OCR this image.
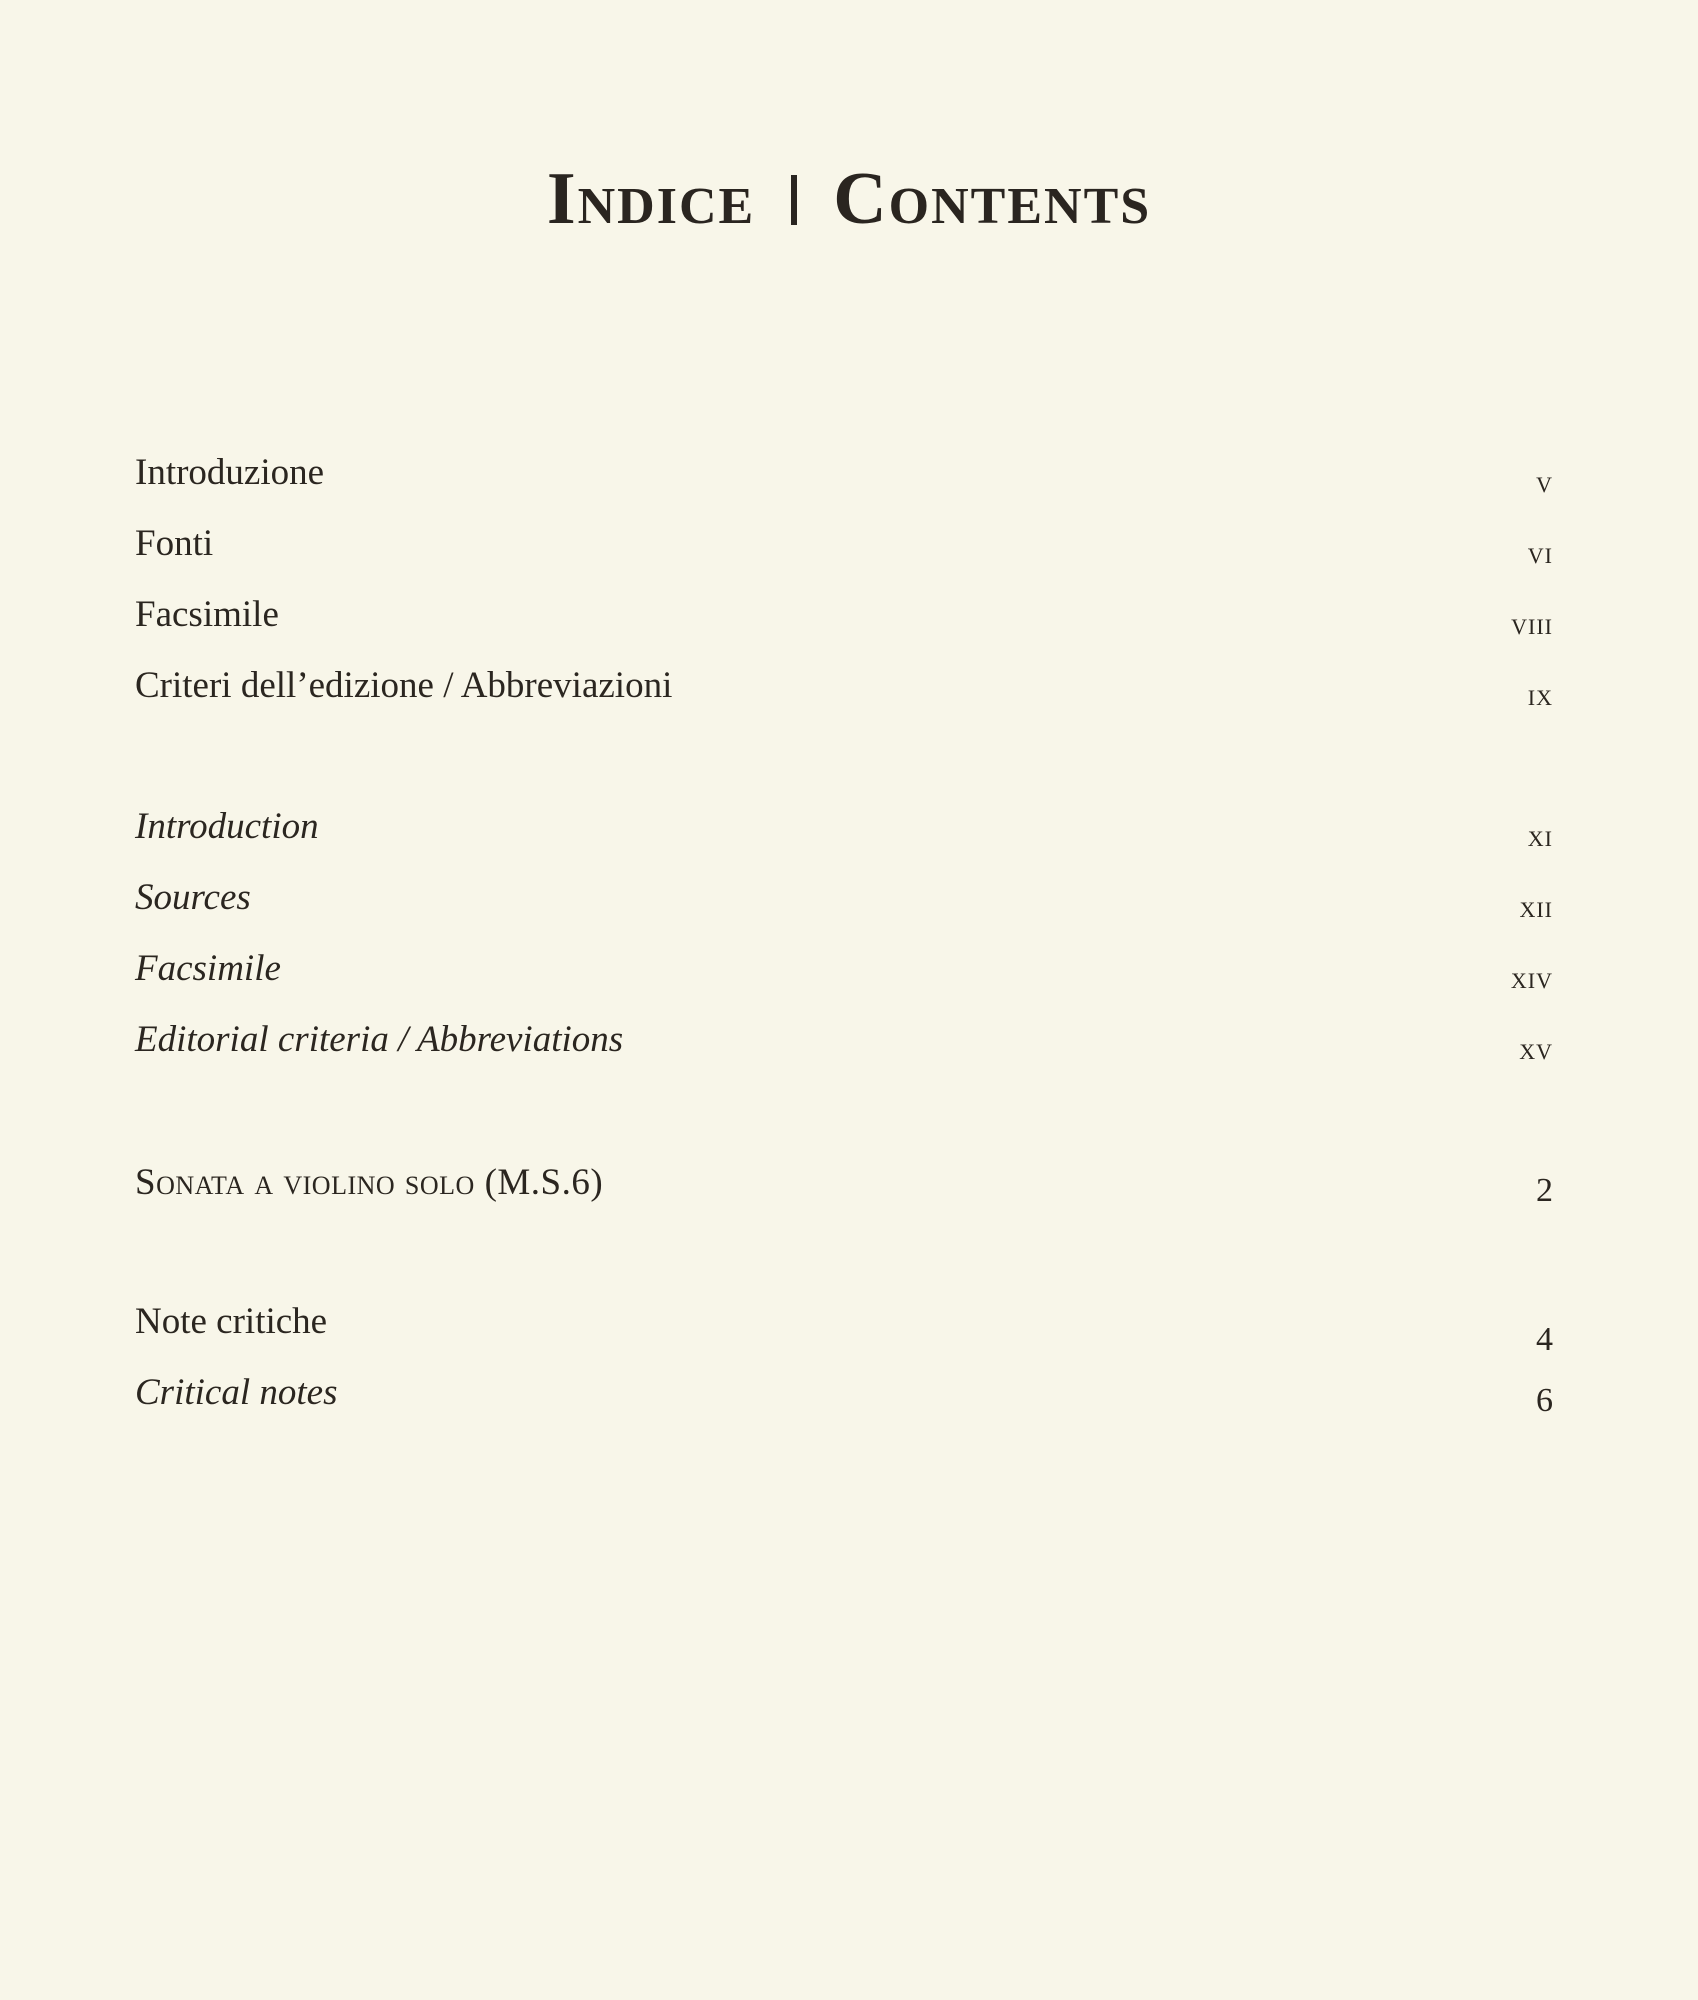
Indice Contents
Introduzione	v
Fonti	vi
Facsimile	viii
Criteri dell’edizione / Abbreviazioni	ix
Introduction	xi
Sources	xii
Facsimile	xiv
Editorial criteria / Abbreviations	xv
Sonata a violino solo (M.S.6)	2
Note critiche	4
Critical notes	6
